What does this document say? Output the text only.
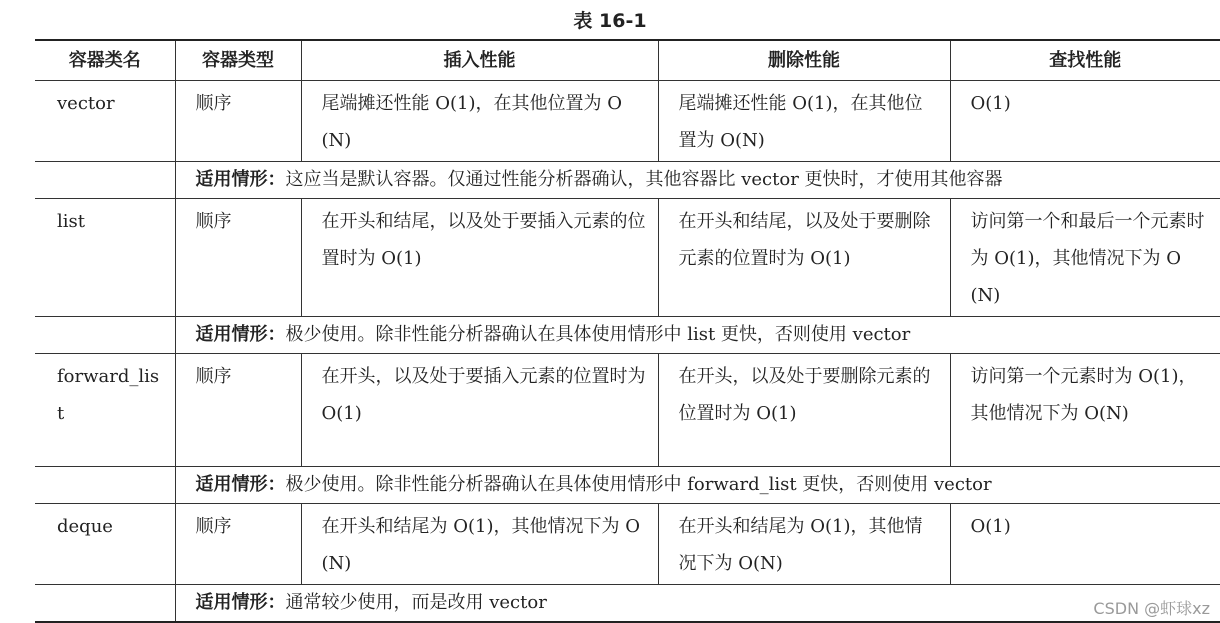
表 16-1
容器类名	容器类型	插入性能	删除性能	查找性能
vector	顺序	尾端摊还性能 O(1)，在其他位置为 O(N)	尾端摊还性能 O(1)，在其他位置为 O(N)	O(1)
	适用情形：这应当是默认容器。仅通过性能分析器确认，其他容器比 vector 更快时，才使用其他容器			
list	顺序	在开头和结尾，以及处于要插入元素的位置时为 O(1)	在开头和结尾，以及处于要删除元素的位置时为 O(1)	访问第一个和最后一个元素时为 O(1)，其他情况下为 O(N)
	适用情形：极少使用。除非性能分析器确认在具体使用情形中 list 更快，否则使用 vector			
forward_list	顺序	在开头，以及处于要插入元素的位置时为 O(1)	在开头，以及处于要删除元素的位置时为 O(1)	访问第一个元素时为 O(1)，其他情况下为 O(N)
	适用情形：极少使用。除非性能分析器确认在具体使用情形中 forward_list 更快，否则使用 vector			
deque	顺序	在开头和结尾为 O(1)，其他情况下为 O(N)	在开头和结尾为 O(1)，其他情况下为 O(N)	O(1)
	适用情形：通常较少使用，而是改用 vector				CSDN @虾球xz
